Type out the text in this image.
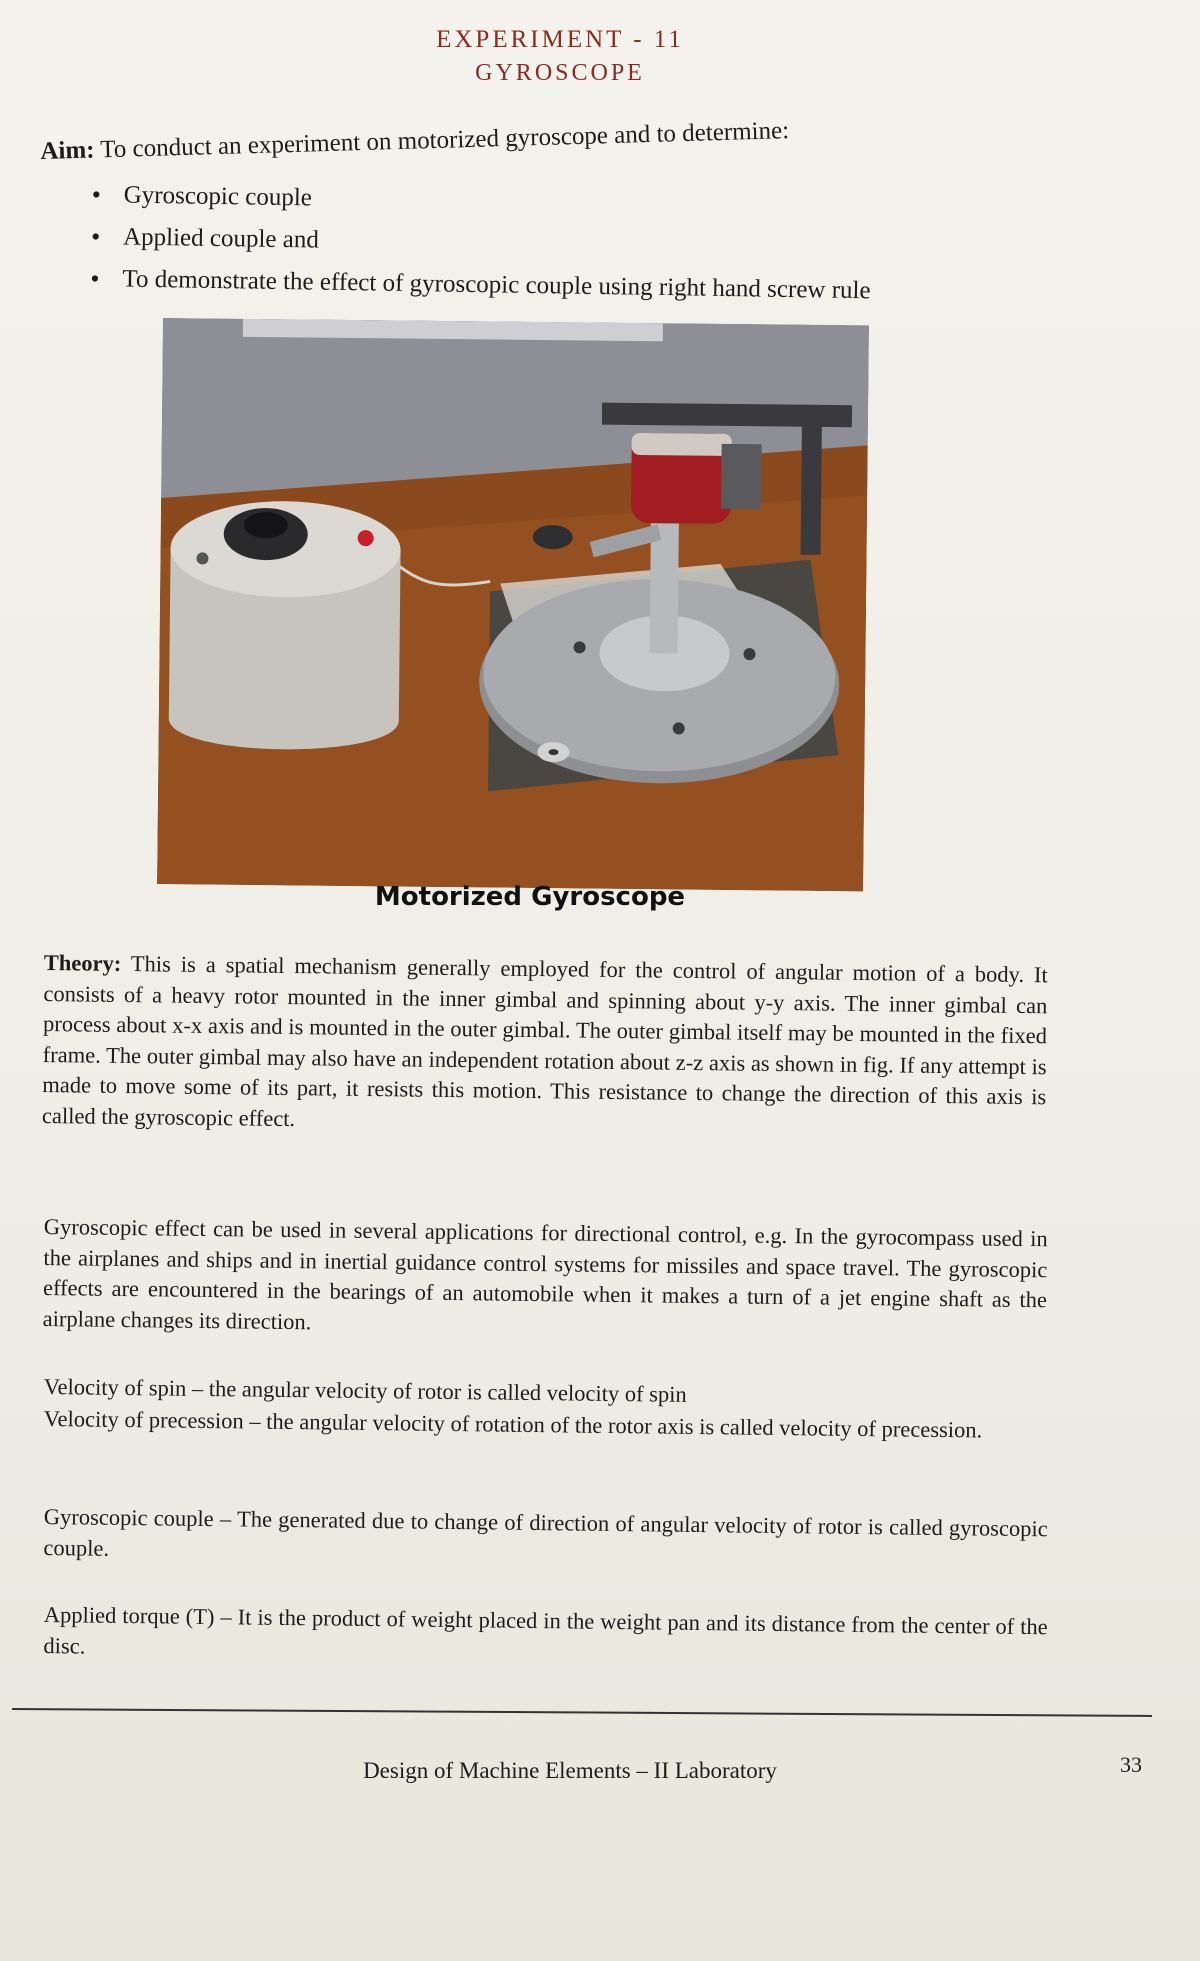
EXPERIMENT - 11
GYROSCOPE
Aim: To conduct an experiment on motorized gyroscope and to determine:
• Gyroscopic couple
• Applied couple and
• To demonstrate the effect of gyroscopic couple using right hand screw rule
Motorized Gyroscope
Theory: This is a spatial mechanism generally employed for the control of angular motion of a body. It consists of a heavy rotor mounted in the inner gimbal and spinning about y-y axis. The inner gimbal can process about x-x axis and is mounted in the outer gimbal. The outer gimbal itself may be mounted in the fixed frame. The outer gimbal may also have an independent rotation about z-z axis as shown in fig. If any attempt is made to move some of its part, it resists this motion. This resistance to change the direction of this axis is called the gyroscopic effect.
Gyroscopic effect can be used in several applications for directional control, e.g. In the gyrocompass used in the airplanes and ships and in inertial guidance control systems for missiles and space travel. The gyroscopic effects are encountered in the bearings of an automobile when it makes a turn of a jet engine shaft as the airplane changes its direction.
Velocity of spin – the angular velocity of rotor is called velocity of spin
Velocity of precession – the angular velocity of rotation of the rotor axis is called velocity of precession.
Gyroscopic couple – The generated due to change of direction of angular velocity of rotor is called gyroscopic couple.
Applied torque (T) – It is the product of weight placed in the weight pan and its distance from the center of the disc.
Design of Machine Elements – II Laboratory	33
